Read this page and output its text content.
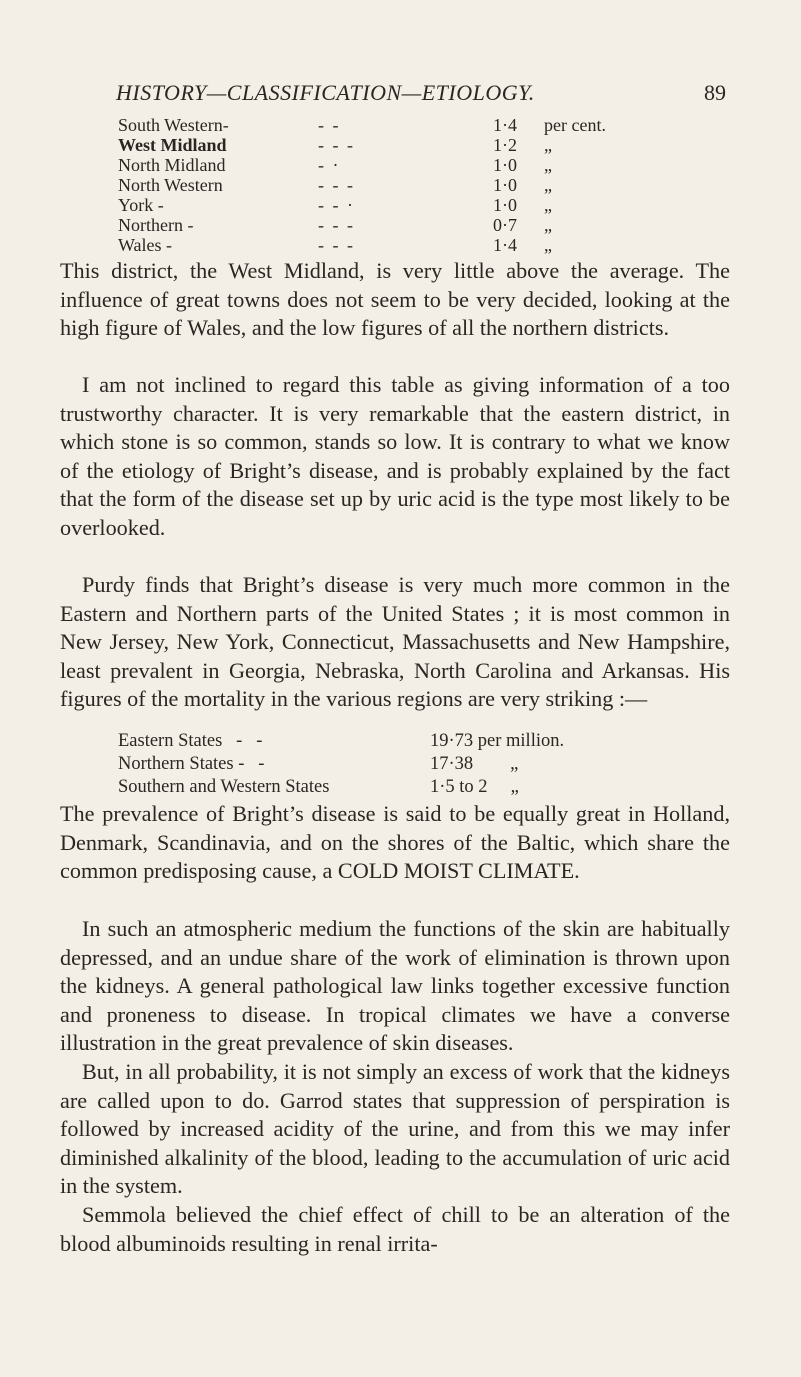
HISTORY—CLASSIFICATION—ETIOLOGY.	89
South Western-	- -	1·4 per cent.
West Midland	- - -	1·2 „
North Midland	- ·	1·0 „
North Western	- - -	1·0 „
York -	- - ·	1·0 „
Northern -	- - -	0·7 „
Wales -	- - -	1·4 „

This district, the West Midland, is very little above the average. The influence of great towns does not seem to be very decided, looking at the high figure of Wales, and the low figures of all the northern districts.

I am not inclined to regard this table as giving information of a too trustworthy character. It is very remarkable that the eastern district, in which stone is so common, stands so low. It is contrary to what we know of the etiology of Bright’s disease, and is probably explained by the fact that the form of the disease set up by uric acid is the type most likely to be overlooked.

Purdy finds that Bright’s disease is very much more common in the Eastern and Northern parts of the United States ; it is most common in New Jersey, New York, Connecticut, Massachusetts and New Hampshire, least prevalent in Georgia, Nebraska, North Carolina and Arkansas. His figures of the mortality in the various regions are very striking :—

Eastern States   -   -	19·73 per million.
Northern States -   -	17·38        „
Southern and Western States	1·5 to 2     „

The prevalence of Bright’s disease is said to be equally great in Holland, Denmark, Scandinavia, and on the shores of the Baltic, which share the common predisposing cause, a COLD MOIST CLIMATE.

In such an atmospheric medium the functions of the skin are habitually depressed, and an undue share of the work of elimination is thrown upon the kidneys. A general pathological law links together excessive function and proneness to disease. In tropical climates we have a converse illustration in the great prevalence of skin diseases.

But, in all probability, it is not simply an excess of work that the kidneys are called upon to do. Garrod states that suppression of perspiration is followed by increased acidity of the urine, and from this we may infer diminished alkalinity of the blood, leading to the accumulation of uric acid in the system.

Semmola believed the chief effect of chill to be an alteration of the blood albuminoids resulting in renal irrita-
